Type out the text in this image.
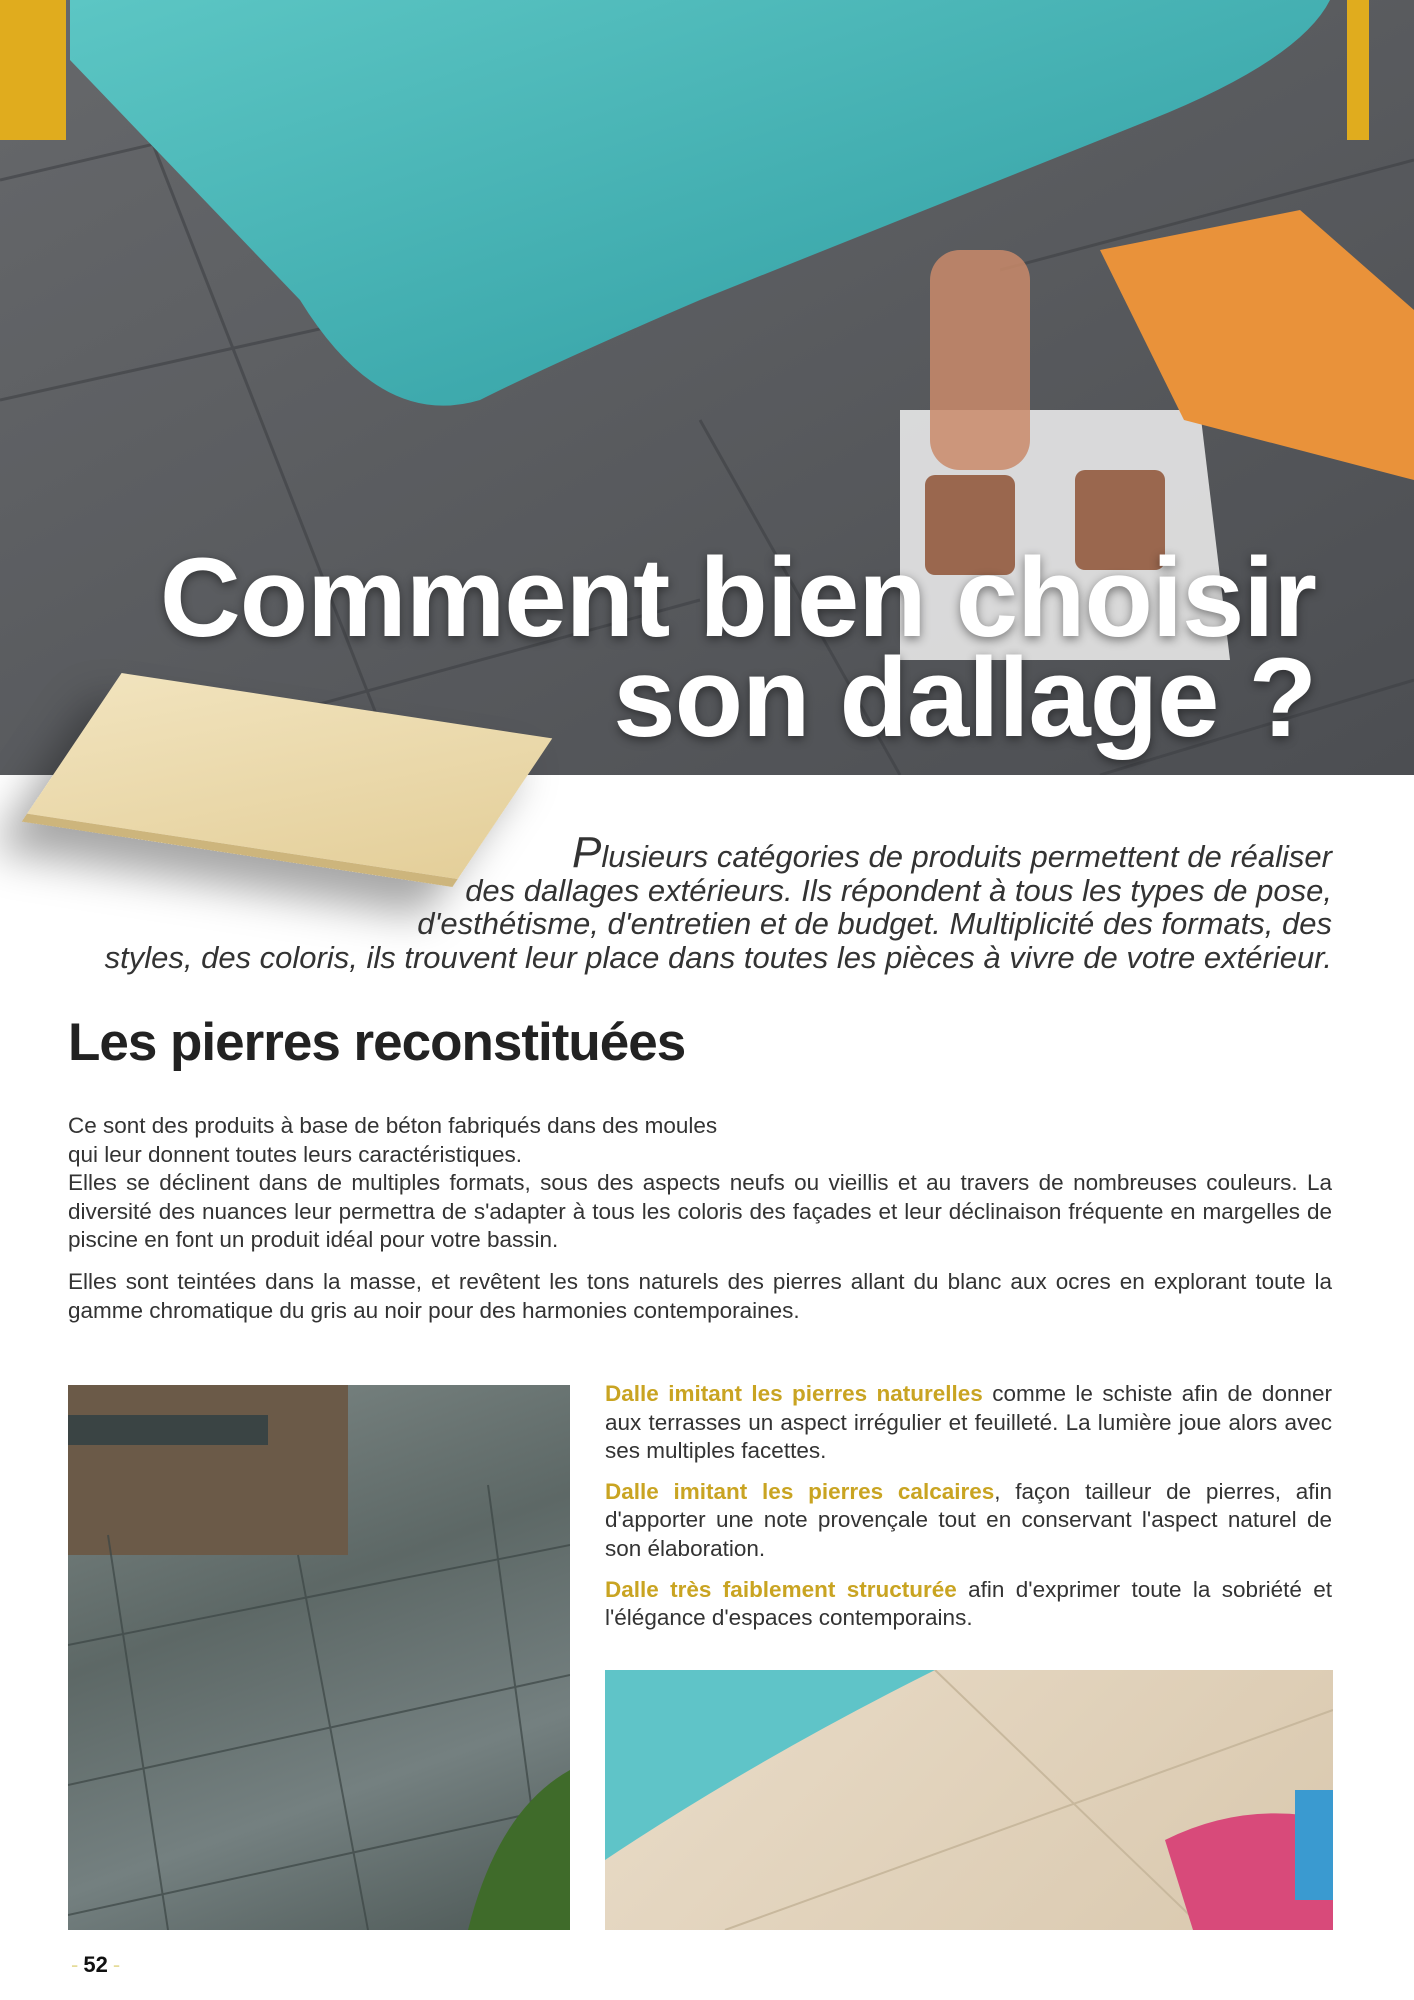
Comment bien choisir
son dallage ?
Plusieurs catégories de produits permettent de réaliser
des dallages extérieurs. Ils répondent à tous les types de pose,
d'esthétisme, d'entretien et de budget. Multiplicité des formats, des
styles, des coloris, ils trouvent leur place dans toutes les pièces à vivre de votre extérieur.
Les pierres reconstituées

Ce sont des produits à base de béton fabriqués dans des moules
qui leur donnent toutes leurs caractéristiques.
Elles se déclinent dans de multiples formats, sous des aspects neufs ou vieillis et au travers de nombreuses couleurs. La diversité des nuances leur permettra de s'adapter à tous les coloris des façades et leur déclinaison fréquente en margelles de piscine en font un produit idéal pour votre bassin.

Elles sont teintées dans la masse, et revêtent les tons naturels des pierres allant du blanc aux ocres en explorant toute la gamme chromatique du gris au noir pour des harmonies contemporaines.

Dalle imitant les pierres naturelles comme le schiste afin de donner aux terrasses un aspect irrégulier et feuilleté. La lumière joue alors avec ses multiples facettes.

Dalle imitant les pierres calcaires, façon tailleur de pierres, afin d'apporter une note provençale tout en conservant l'aspect naturel de son élaboration.

Dalle très faiblement structurée afin d'exprimer toute la sobriété et l'élégance d'espaces contemporains.

- 52 -
